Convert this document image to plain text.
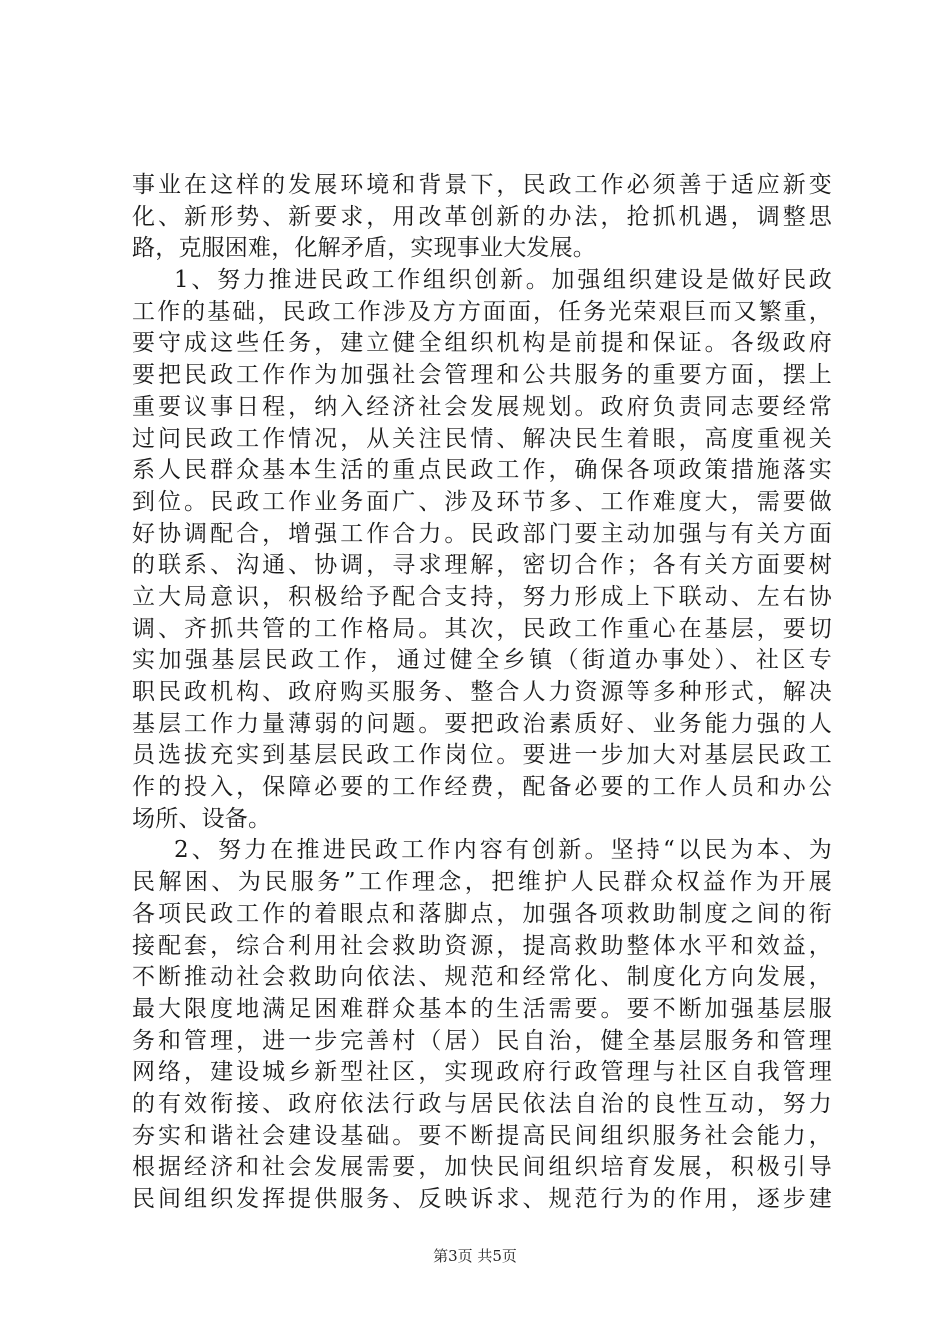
事业在这样的发展环境和背景下，民政工作必须善于适应新变
化、新形势、新要求，用改革创新的办法，抢抓机遇，调整思
路，克服困难，化解矛盾，实现事业大发展。
1、努力推进民政工作组织创新。加强组织建设是做好民政
工作的基础，民政工作涉及方方面面，任务光荣艰巨而又繁重，
要守成这些任务，建立健全组织机构是前提和保证。各级政府
要把民政工作作为加强社会管理和公共服务的重要方面，摆上
重要议事日程，纳入经济社会发展规划。政府负责同志要经常
过问民政工作情况，从关注民情、解决民生着眼，高度重视关
系人民群众基本生活的重点民政工作，确保各项政策措施落实
到位。民政工作业务面广、涉及环节多、工作难度大，需要做
好协调配合，增强工作合力。民政部门要主动加强与有关方面
的联系、沟通、协调，寻求理解，密切合作；各有关方面要树
立大局意识，积极给予配合支持，努力形成上下联动、左右协
调、齐抓共管的工作格局。其次，民政工作重心在基层，要切
实加强基层民政工作，通过健全乡镇（街道办事处）、社区专
职民政机构、政府购买服务、整合人力资源等多种形式，解决
基层工作力量薄弱的问题。要把政治素质好、业务能力强的人
员选拔充实到基层民政工作岗位。要进一步加大对基层民政工
作的投入，保障必要的工作经费，配备必要的工作人员和办公
场所、设备。
2、努力在推进民政工作内容有创新。坚持“以民为本、为
民解困、为民服务”工作理念，把维护人民群众权益作为开展
各项民政工作的着眼点和落脚点，加强各项救助制度之间的衔
接配套，综合利用社会救助资源，提高救助整体水平和效益，
不断推动社会救助向依法、规范和经常化、制度化方向发展，
最大限度地满足困难群众基本的生活需要。要不断加强基层服
务和管理，进一步完善村（居）民自治，健全基层服务和管理
网络，建设城乡新型社区，实现政府行政管理与社区自我管理
的有效衔接、政府依法行政与居民依法自治的良性互动，努力
夯实和谐社会建设基础。要不断提高民间组织服务社会能力，
根据经济和社会发展需要，加快民间组织培育发展，积极引导
民间组织发挥提供服务、反映诉求、规范行为的作用，逐步建
第3页 共5页
